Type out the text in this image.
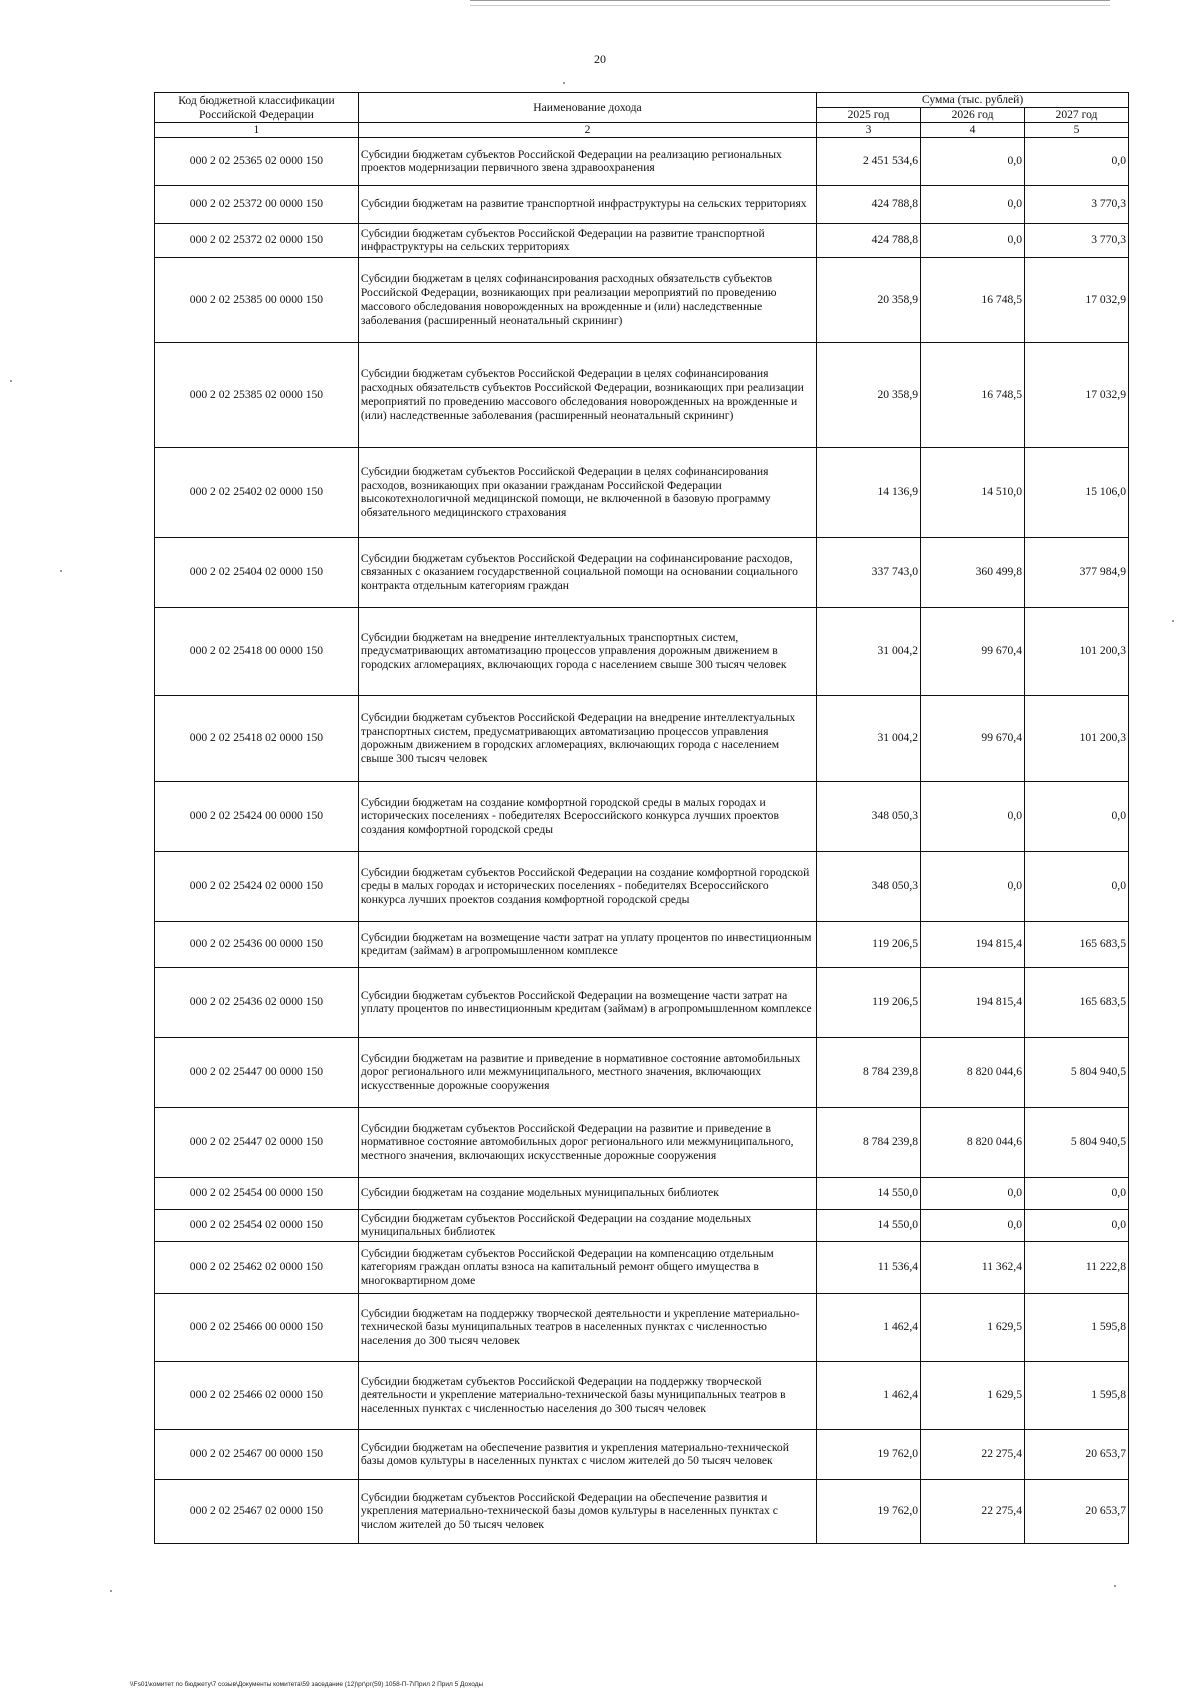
20
Код бюджетной классификации Российской Федерации	Наименование дохода	Сумма (тыс. рублей)		
		2025 год	2026 год	2027 год
1	2	3	4	5
000 2 02 25365 02 0000 150	Субсидии бюджетам субъектов Российской Федерации на реализацию региональных проектов модернизации первичного звена здравоохранения	2 451 534,6	0,0	0,0
000 2 02 25372 00 0000 150	Субсидии бюджетам на развитие транспортной инфраструктуры на сельских территориях	424 788,8	0,0	3 770,3
000 2 02 25372 02 0000 150	Субсидии бюджетам субъектов Российской Федерации на развитие транспортной инфраструктуры на сельских территориях	424 788,8	0,0	3 770,3
000 2 02 25385 00 0000 150	Субсидии бюджетам в целях софинансирования расходных обязательств субъектов Российской Федерации, возникающих при реализации мероприятий по проведению массового обследования новорожденных на врожденные и (или) наследственные заболевания (расширенный неонатальный скрининг)	20 358,9	16 748,5	17 032,9
000 2 02 25385 02 0000 150	Субсидии бюджетам субъектов Российской Федерации в целях софинансирования расходных обязательств субъектов Российской Федерации, возникающих при реализации мероприятий по проведению массового обследования новорожденных на врожденные и (или) наследственные заболевания (расширенный неонатальный скрининг)	20 358,9	16 748,5	17 032,9
000 2 02 25402 02 0000 150	Субсидии бюджетам субъектов Российской Федерации в целях софинансирования расходов, возникающих при оказании гражданам Российской Федерации высокотехнологичной медицинской помощи, не включенной в базовую программу обязательного медицинского страхования	14 136,9	14 510,0	15 106,0
000 2 02 25404 02 0000 150	Субсидии бюджетам субъектов Российской Федерации на софинансирование расходов, связанных с оказанием государственной социальной помощи на основании социального контракта отдельным категориям граждан	337 743,0	360 499,8	377 984,9
000 2 02 25418 00 0000 150	Субсидии бюджетам на внедрение интеллектуальных транспортных систем, предусматривающих автоматизацию процессов управления дорожным движением в городских агломерациях, включающих города с населением свыше 300 тысяч человек	31 004,2	99 670,4	101 200,3
000 2 02 25418 02 0000 150	Субсидии бюджетам субъектов Российской Федерации на внедрение интеллектуальных транспортных систем, предусматривающих автоматизацию процессов управления дорожным движением в городских агломерациях, включающих города с населением свыше 300 тысяч человек	31 004,2	99 670,4	101 200,3
000 2 02 25424 00 0000 150	Субсидии бюджетам на создание комфортной городской среды в малых городах и исторических поселениях - победителях Всероссийского конкурса лучших проектов создания комфортной городской среды	348 050,3	0,0	0,0
000 2 02 25424 02 0000 150	Субсидии бюджетам субъектов Российской Федерации на создание комфортной городской среды в малых городах и исторических поселениях - победителях Всероссийского конкурса лучших проектов создания комфортной городской среды	348 050,3	0,0	0,0
000 2 02 25436 00 0000 150	Субсидии бюджетам на возмещение части затрат на уплату процентов по инвестиционным кредитам (займам) в агропромышленном комплексе	119 206,5	194 815,4	165 683,5
000 2 02 25436 02 0000 150	Субсидии бюджетам субъектов Российской Федерации на возмещение части затрат на уплату процентов по инвестиционным кредитам (займам) в агропромышленном комплексе	119 206,5	194 815,4	165 683,5
000 2 02 25447 00 0000 150	Субсидии бюджетам на развитие и приведение в нормативное состояние автомобильных дорог регионального или межмуниципального, местного значения, включающих искусственные дорожные сооружения	8 784 239,8	8 820 044,6	5 804 940,5
000 2 02 25447 02 0000 150	Субсидии бюджетам субъектов Российской Федерации на развитие и приведение в нормативное состояние автомобильных дорог регионального или межмуниципального, местного значения, включающих искусственные дорожные сооружения	8 784 239,8	8 820 044,6	5 804 940,5
000 2 02 25454 00 0000 150	Субсидии бюджетам на создание модельных муниципальных библиотек	14 550,0	0,0	0,0
000 2 02 25454 02 0000 150	Субсидии бюджетам субъектов Российской Федерации на создание модельных муниципальных библиотек	14 550,0	0,0	0,0
000 2 02 25462 02 0000 150	Субсидии бюджетам субъектов Российской Федерации на компенсацию отдельным категориям граждан оплаты взноса на капитальный ремонт общего имущества в многоквартирном доме	11 536,4	11 362,4	11 222,8
000 2 02 25466 00 0000 150	Субсидии бюджетам на поддержку творческой деятельности и укрепление материально-технической базы муниципальных театров в населенных пунктах с численностью населения до 300 тысяч человек	1 462,4	1 629,5	1 595,8
000 2 02 25466 02 0000 150	Субсидии бюджетам субъектов Российской Федерации на поддержку творческой деятельности и укрепление материально-технической базы муниципальных театров в населенных пунктах с численностью населения до 300 тысяч человек	1 462,4	1 629,5	1 595,8
000 2 02 25467 00 0000 150	Субсидии бюджетам на обеспечение развития и укрепления материально-технической базы домов культуры в населенных пунктах с числом жителей до 50 тысяч человек	19 762,0	22 275,4	20 653,7
000 2 02 25467 02 0000 150	Субсидии бюджетам субъектов Российской Федерации на обеспечение развития и укрепления материально-технической базы домов культуры в населенных пунктах с числом жителей до 50 тысяч человек	19 762,0	22 275,4	20 653,7
\\Fs01\комитет по бюджету\7 созыв\Документы комитета\59 заседание (12)\рг\рг(59) 1058-П-7\Прил 2 Прил 5 Доходы
